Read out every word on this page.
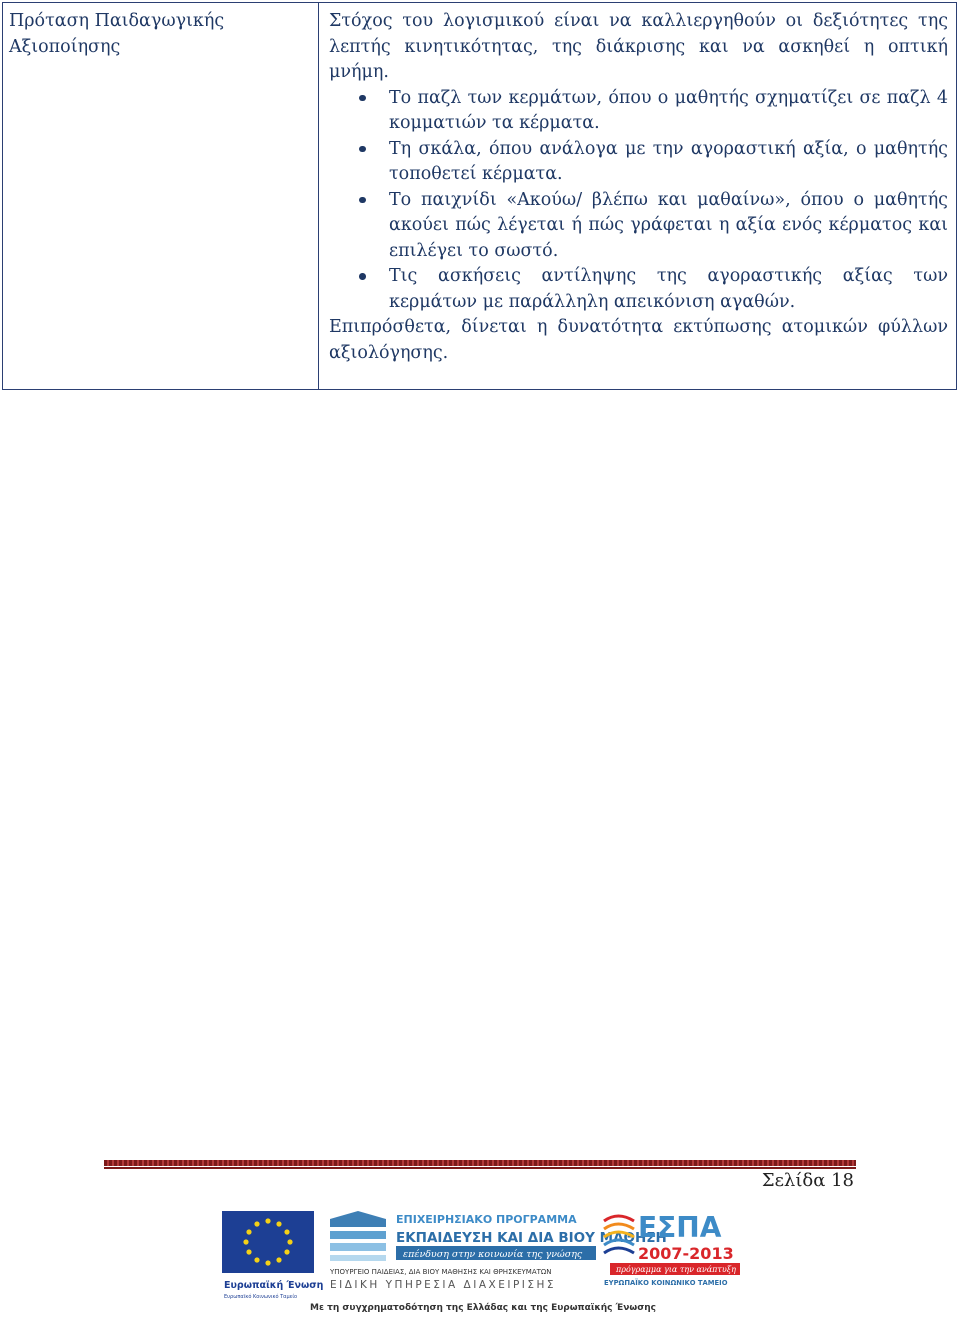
Πρόταση Παιδαγωγικής Αξιοποίησης

Στόχος του λογισμικού είναι να καλλιεργηθούν οι δεξιότητες της λεπτής κινητικότητας, της διάκρισης και να ασκηθεί η οπτική μνήμη.

Το παζλ των κερμάτων, όπου ο μαθητής σχηματίζει σε παζλ 4 κομματιών τα κέρματα.
Τη σκάλα, όπου ανάλογα με την αγοραστική αξία, ο μαθητής τοποθετεί κέρματα.
Το παιχνίδι «Ακούω/ βλέπω και μαθαίνω», όπου ο μαθητής ακούει πώς λέγεται ή πώς γράφεται η αξία ενός κέρματος και επιλέγει το σωστό.
Τις ασκήσεις αντίληψης της αγοραστικής αξίας των κερμάτων με παράλληλη απεικόνιση αγαθών.

Επιπρόσθετα, δίνεται η δυνατότητα εκτύπωσης ατομικών φύλλων αξιολόγησης.

Σελίδα 18
Ευρωπαϊκή Ένωση
Ευρωπαϊκό Κοινωνικό Ταμείο
ΕΠΙΧΕΙΡΗΣΙΑΚΟ ΠΡΟΓΡΑΜΜΑ
ΕΚΠΑΙΔΕΥΣΗ ΚΑΙ ΔΙΑ ΒΙΟΥ ΜΑΘΗΣΗ
επένδυση στην κοινωνία της γνώσης
ΥΠΟΥΡΓΕΙΟ ΠΑΙΔΕΙΑΣ, ΔΙΑ ΒΙΟΥ ΜΑΘΗΣΗΣ ΚΑΙ ΘΡΗΣΚΕΥΜΑΤΩΝ
ΕΙΔΙΚΗ ΥΠΗΡΕΣΙΑ ΔΙΑΧΕΙΡΙΣΗΣ
ΕΣΠΑ
2007-2013
πρόγραμμα για την ανάπτυξη
ΕΥΡΩΠΑΪΚΟ ΚΟΙΝΩΝΙΚΟ ΤΑΜΕΙΟ
Με τη συγχρηματοδότηση της Ελλάδας και της Ευρωπαϊκής Ένωσης
